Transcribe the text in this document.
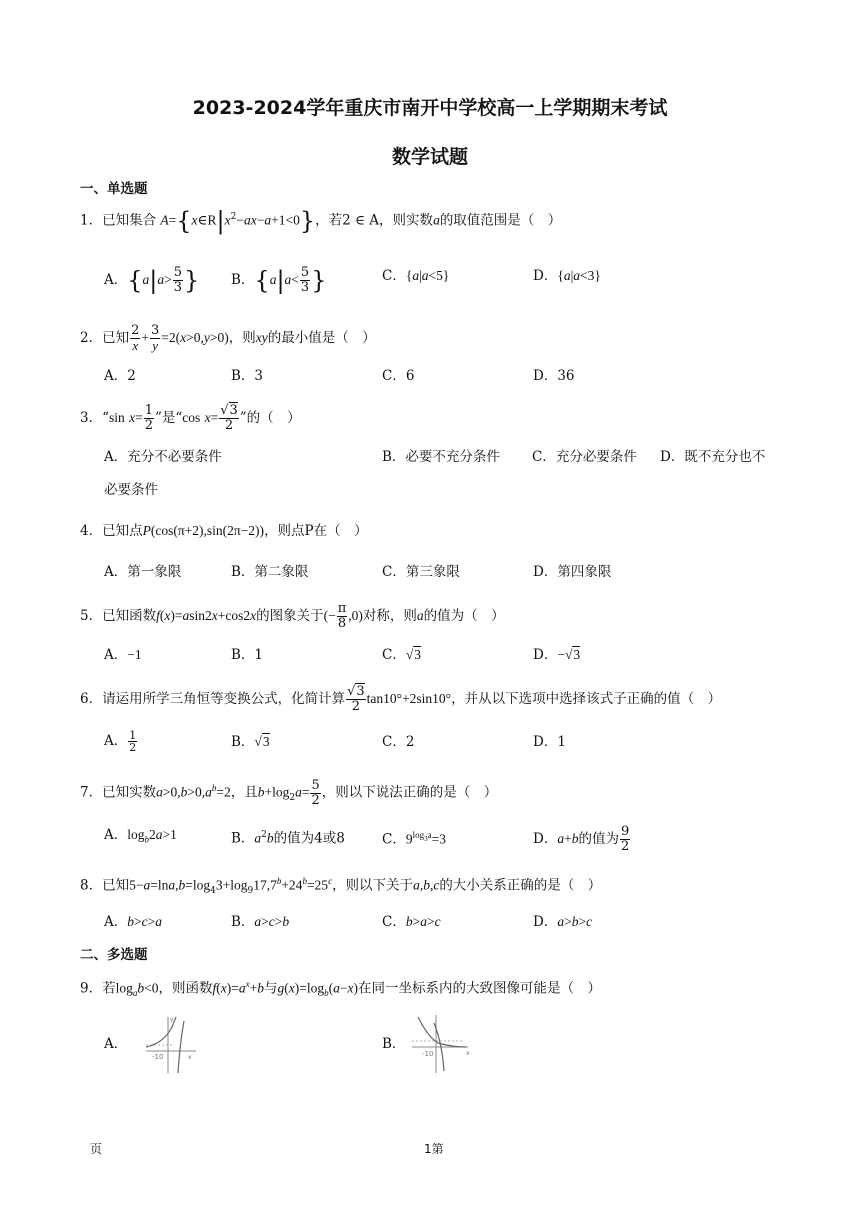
2023-2024学年重庆市南开中学校高一上学期期末考试
数学试题
一、单选题
1．已知集合 $A=\{x\in R|x^2-ax-a+1<0\}$，若2 ∈ A，则实数a的取值范围是（　）
A．{$a|a> \frac{5}{3}$ } B．{$a|a< \frac{5}{3}$ }	C．{a|a<5}	D．{a|a<3}
2．已知 $\frac{2}{x} + \frac{3}{y} =2(x>0,y>0)$，则xy的最小值是（　）
A．2	B．3	C．6	D．36
3．“sin $x= \frac{1}{2}$ ”是“cos $x= \frac{√3}{2}$ ”的（　）
A．充分不必要条件	B．必要不充分条件 C．充分必要条件 D．既不充分也不
必要条件
4．已知点P(cos(π+2),sin(2π−2))，则点P在（　）
A．第一象限	B．第二象限	C．第三象限	D．第四象限
5．已知函数f(x)=asin2x+cos2x的图象关于(− $\frac{\pi}{8} ,0$)对称，则a的值为（　）
A．−1	B．1	C．√3	D．−√3
6．请运用所学三角恒等变换公式，化简计算 $\frac{√3}{2} \tan 10^\circ+2\sin 10^\circ$，并从以下选项中选择该式子正确的值（　）
A． $\frac{1}{2}$	B．√3	C．2	D．1
7．已知实数$a>0,b>0,a^b=2$，且$b+\log_2a= \frac{5}{2}$ ，则以下说法正确的是（　）
A．$\log_b2a>1$	B．$a^2b$的值为4或8	C．$9^{log_3a}=3$	D．a+b的值为 $\frac{9}{2}$
8．已知$5-a=\ln a,b=\log_43+\log_917,7^b+24^b=25^c$，则以下关于a,b,c的大小关系正确的是（　）
A．b>c>a	B．a>c>b	C．b>a>c	D．a>b>c
二、多选题
9．若$\log_ab<0$，则函数$f(x)=a^x+b$与$g(x)=\log_b(a-x)$在同一坐标系内的大致图像可能是（　）
A．
-10	x
y
B．
-10	x
页	1第
